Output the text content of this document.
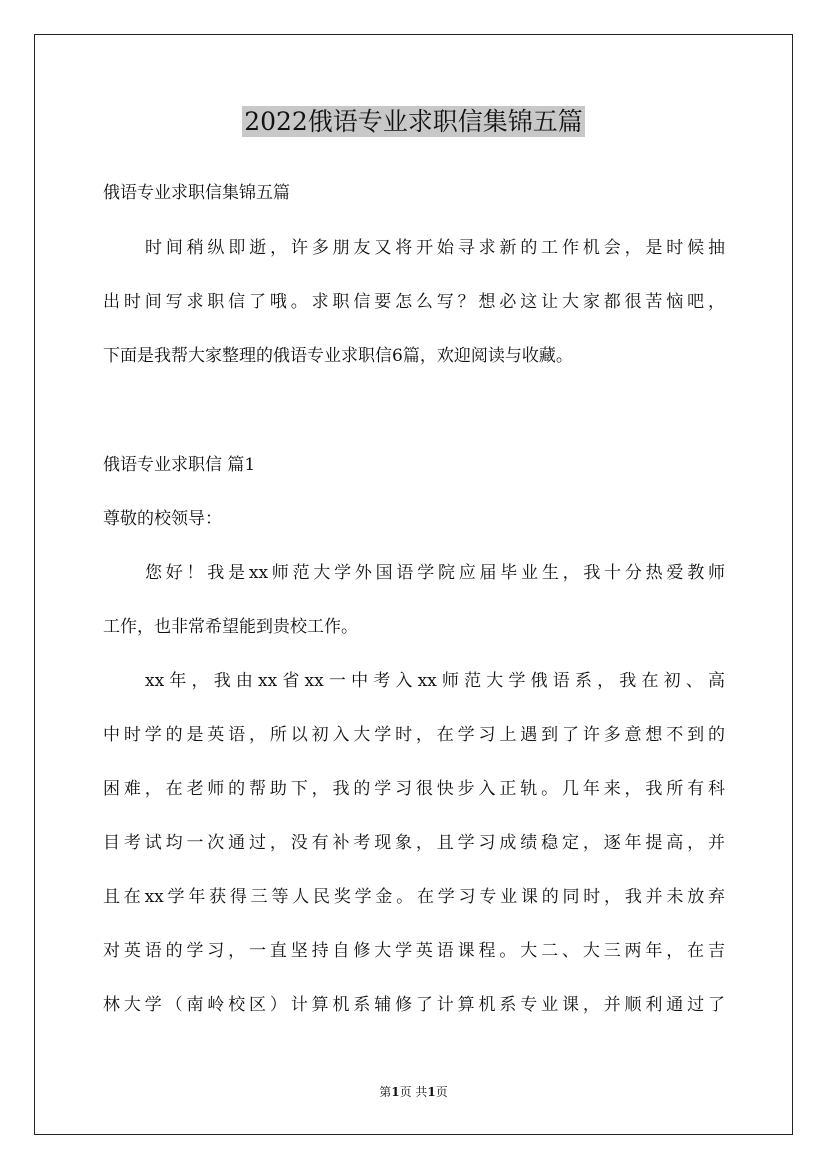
2022俄语专业求职信集锦五篇
俄语专业求职信集锦五篇
时间稍纵即逝，许多朋友又将开始寻求新的工作机会，是时候抽
出时间写求职信了哦。求职信要怎么写？想必这让大家都很苦恼吧，
下面是我帮大家整理的俄语专业求职信6篇，欢迎阅读与收藏。
俄语专业求职信 篇1
尊敬的校领导：
您好！我是xx师范大学外国语学院应届毕业生，我十分热爱教师
工作，也非常希望能到贵校工作。
xx年，我由xx省xx一中考入xx师范大学俄语系，我在初、高
中时学的是英语，所以初入大学时，在学习上遇到了许多意想不到的
困难，在老师的帮助下，我的学习很快步入正轨。几年来，我所有科
目考试均一次通过，没有补考现象，且学习成绩稳定，逐年提高，并
且在xx学年获得三等人民奖学金。在学习专业课的同时，我并未放弃
对英语的学习，一直坚持自修大学英语课程。大二、大三两年，在吉
林大学（南岭校区）计算机系辅修了计算机系专业课，并顺利通过了
第1页 共1页
